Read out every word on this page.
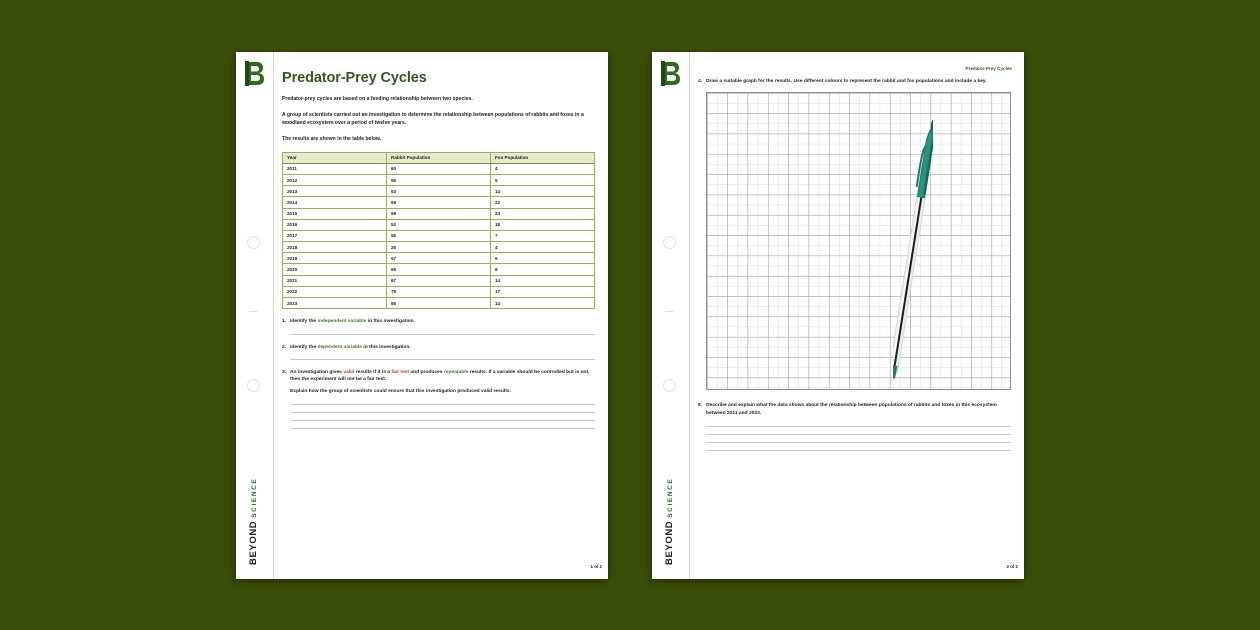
BEYONDSCIENCE
Predator-Prey Cycles

Predator-prey cycles are based on a feeding relationship between two species.

A group of scientists carried out an investigation to determine the relationship between populations of rabbits and foxes in a woodland ecosystem over a period of twelve years.

The results are shown in the table below.

Year	Rabbit Population	Fox Population
2011	60	4
2012	55	5
2013	63	14
2014	69	22
2015	59	24
2016	52	18
2017	55	7
2018	26	4
2019	57	6
2020	65	8
2021	67	14
2022	79	17
2023	65	14
1. Identify the independent variable in this investigation.
2. Identify the dependent variable in this investigation.
3. An investigation gives valid results if it is a fair test and produces repeatable results. If a variable should be controlled but is not, then the experiment will not be a fair test.
Explain how the group of scientists could ensure that this investigation produced valid results.
1 of 2
BEYONDSCIENCE
Predator-Prey Cycles
4. Draw a suitable graph for the results. Use different colours to represent the rabbit and fox populations and include a key.
5. Describe and explain what the data shows about the relationship between populations of rabbits and foxes in this ecosystem between 2011 and 2023.
2 of 2
